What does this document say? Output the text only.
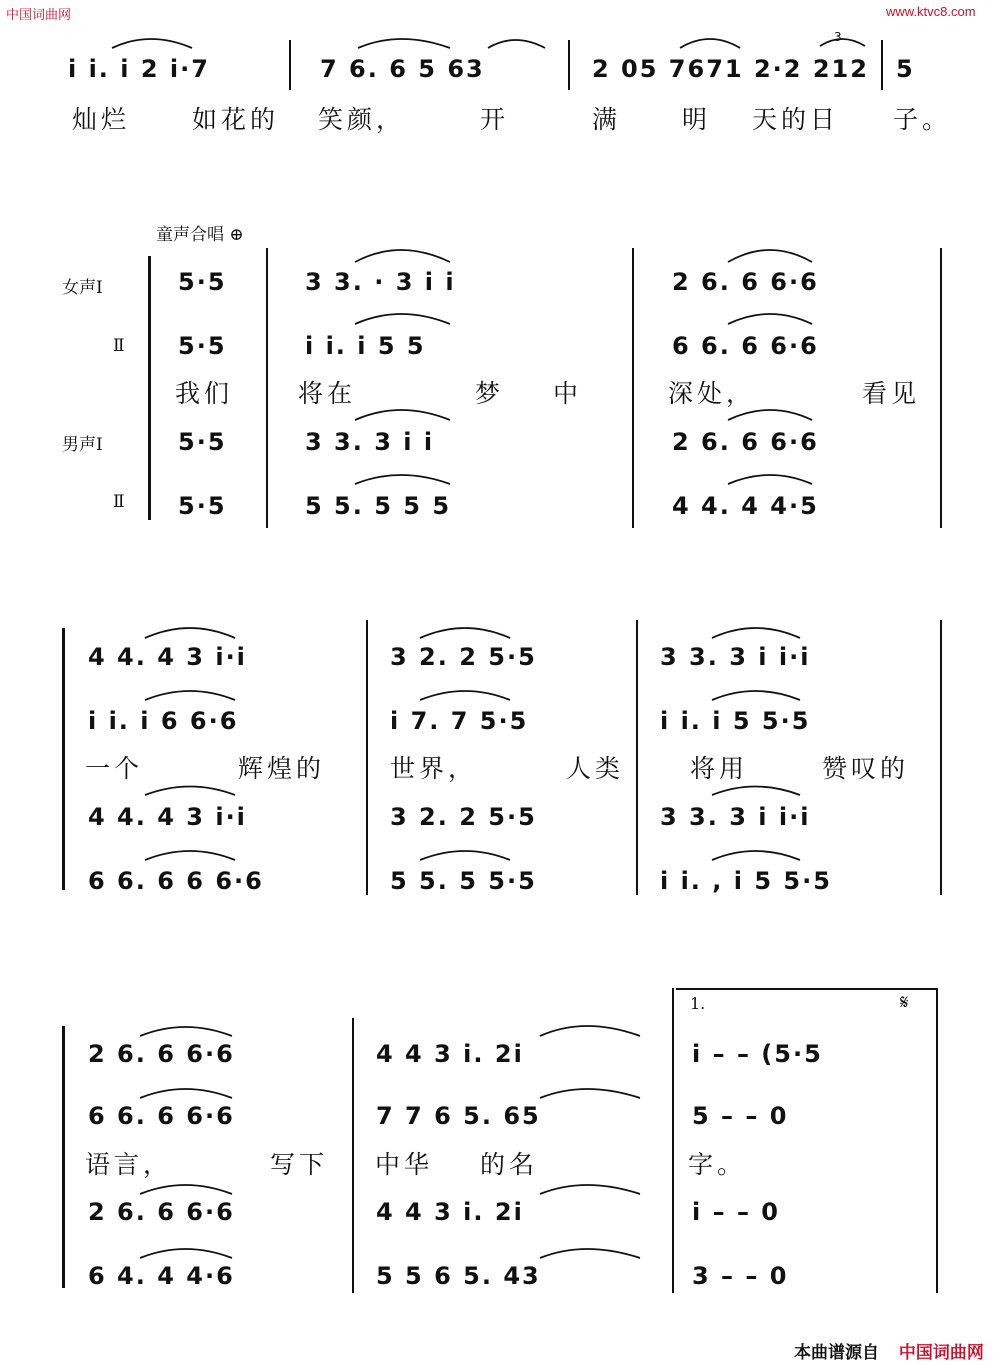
中国词曲网	www.ktvc8.com
i i. i 2 i·7	7 6. 6 5 63	2 05 7671 2·2 212
3
5
灿烂 如花的 笑颜，	开	满 明 天的日 子。
童声合唱 ⊕
女声Ⅰ
Ⅱ
男声Ⅰ
Ⅱ
5·5	3 3. · 3 i i	2 6. 6 6·6
5·5	i i. i 5 5	6 6. 6 6·6
我们	将在	梦 中	深处，	看见
5·5	3 3. 3 i i	2 6. 6 6·6
5·5	5 5. 5 5 5	4 4. 4 4·5
4 4. 4 3 i·i	3 2. 2 5·5	3 3. 3 i i·i
i i. i 6 6·6	i 7. 7 5·5	i i. i 5 5·5
一个	辉煌的	世界，	人类	将用	赞叹的
4 4. 4 3 i·i	3 2. 2 5·5	3 3. 3 i i·i
6 6. 6 6 6·6	5 5. 5 5·5	i i. , i 5 5·5
1.	𝄋
2 6. 6 6·6	4 4 3 i. 2i	i – – (5·5
6 6. 6 6·6	7 7 6 5. 65	5 – – 0
语言，	写下 中华 的名	字。
2 6. 6 6·6	4 4 3 i. 2i	i – – 0
6 4. 4 4·6	5 5 6 5. 43	3 – – 0
本曲谱源自 中国词曲网
